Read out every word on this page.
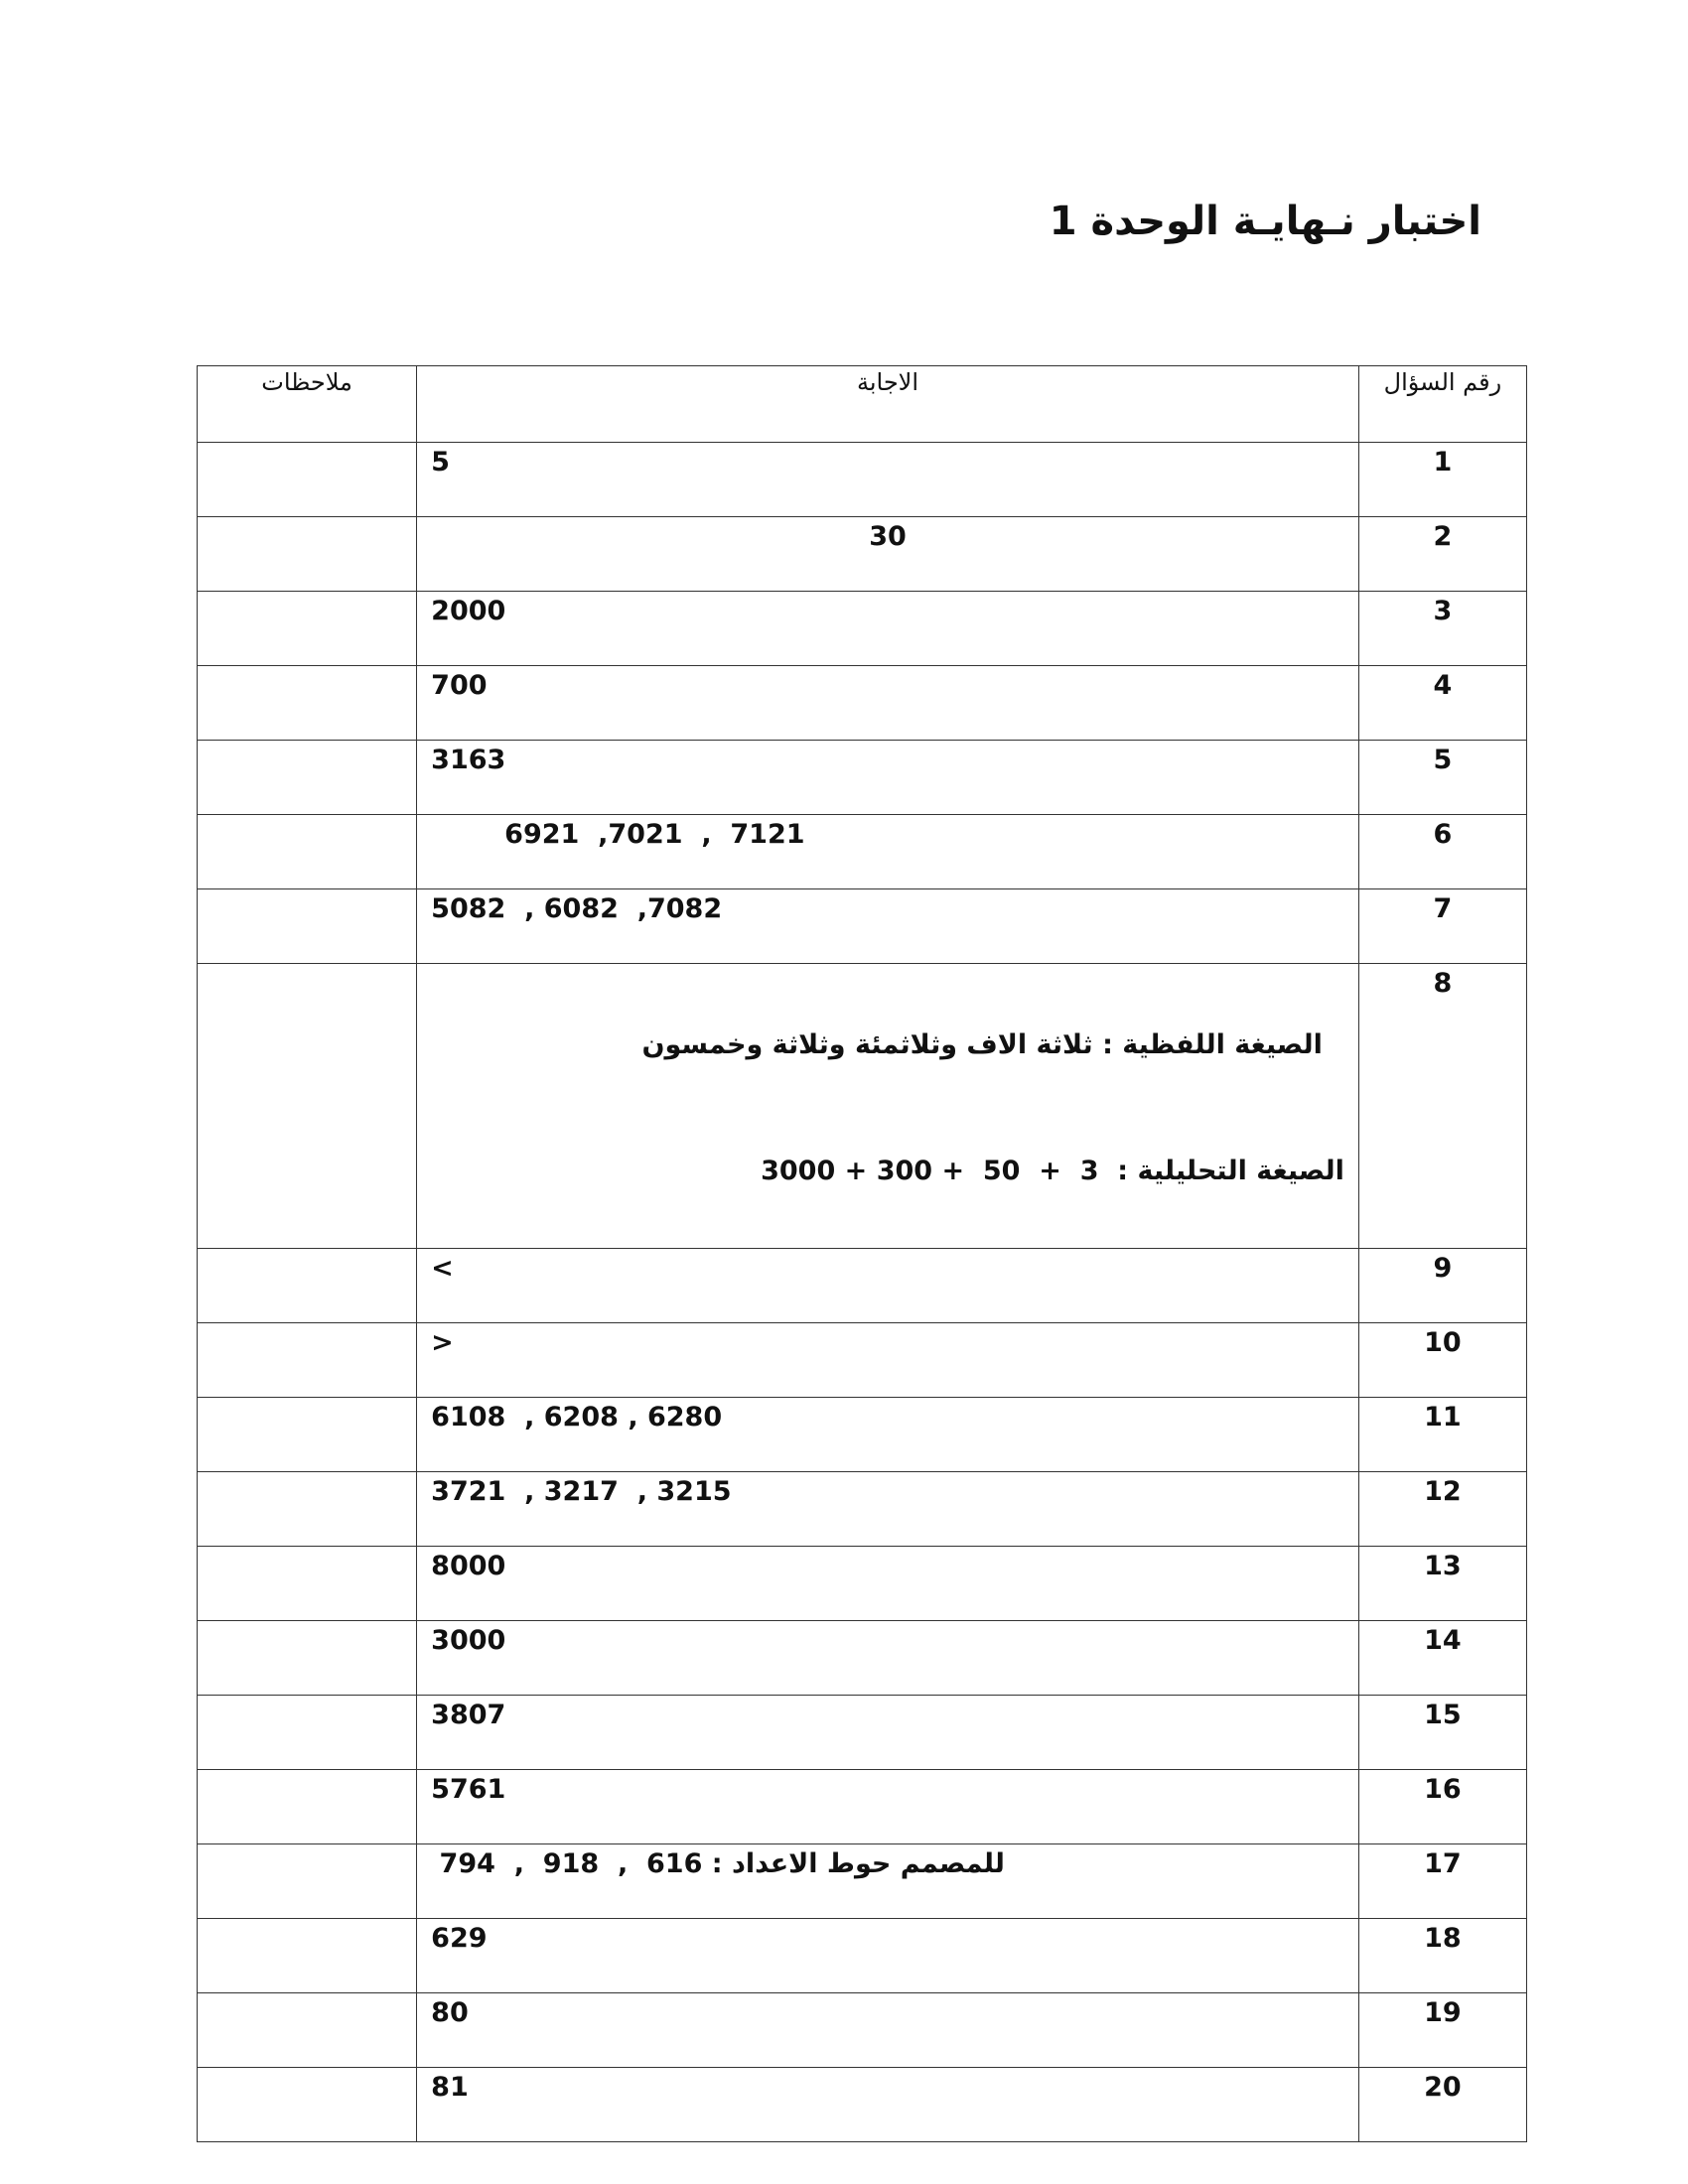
اختبار نـهايـة الوحدة 1
رقم السؤال	الاجابة	ملاحظات
1	5	
2	30	
3	2000	
4	700	
5	3163	
6	6921  ,7021  ,  7121	
7	5082  , 6082  ,7082	
8	الصيغة اللفظية : ثلاثة الاف وثلاثمئة وثلاثة وخمسون

الصيغة التحليلية :  3  +  50  + 300 + 3000	

9	<	
10	>	
11	6108  , 6208 , 6280	
12	3721  , 3217  , 3215	
13	8000	
14	3000	
15	3807	
16	5761	
17	للمصمم حوط الاعداد : 616  ,  918  ,  794	
18	629	
19	80	
20	81	
